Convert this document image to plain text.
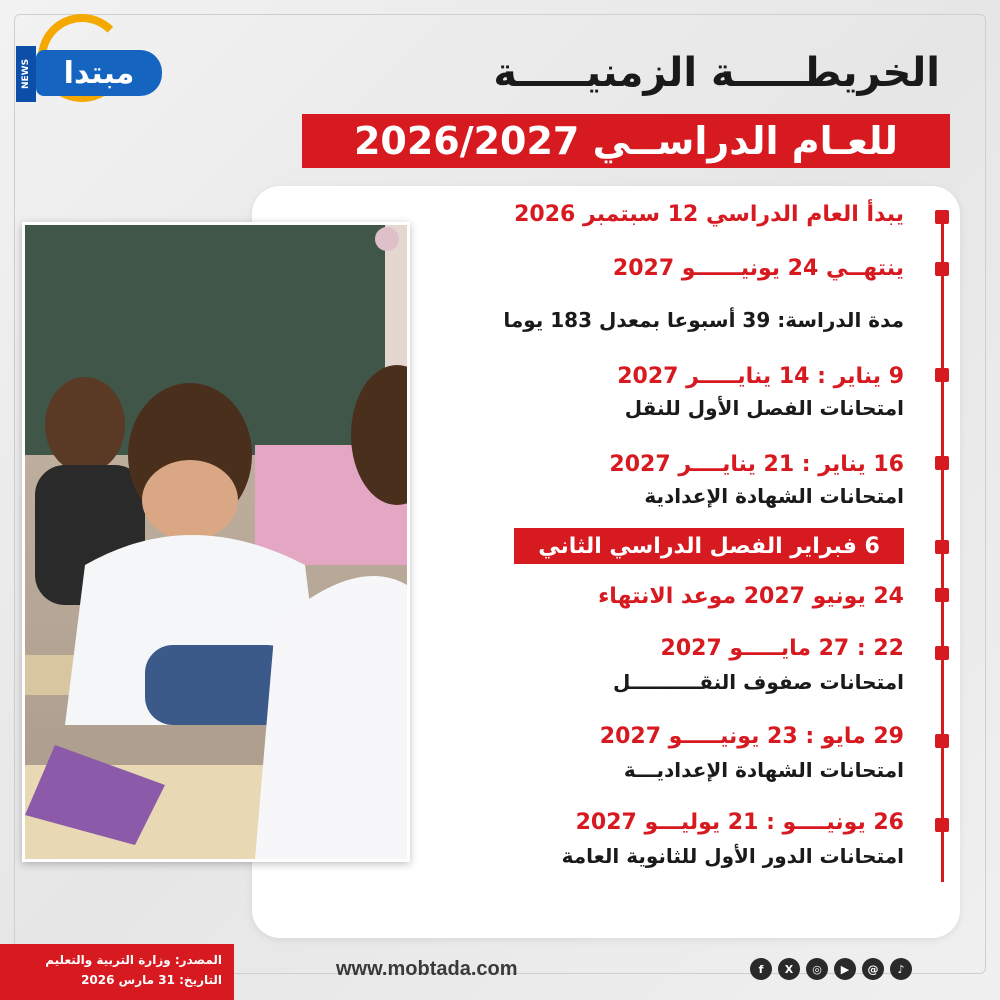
NEWS	مبتدا	الخريطـــــة الزمنيـــــة
للعـام الدراســي 2026/2027
يبدأ العام الدراسي 12 سبتمبر 2026
ينتهــي 24 يونيــــــو 2027
مدة الدراسة: 39 أسبوعا بمعدل 183 يوما
9 يناير : 14 ينايـــــر 2027
امتحانات الفصل الأول للنقل
16 يناير : 21 ينايــــر 2027
امتحانات الشهادة الإعدادية
6 فبراير الفصل الدراسي الثاني
24 يونيو 2027 موعد الانتهاء
22 : 27 مايـــــو 2027
امتحانات صفوف النقــــــــــل
29 مايو : 23 يونيـــــو 2027
امتحانات الشهادة الإعداديـــة
26 يونيــــو : 21 يوليـــو 2027
امتحانات الدور الأول للثانوية العامة
المصدر: وزارة التربية والتعليم
التاريخ: 31 مارس 2026	www.mobtada.com	f	X	◎	▶	@	♪
